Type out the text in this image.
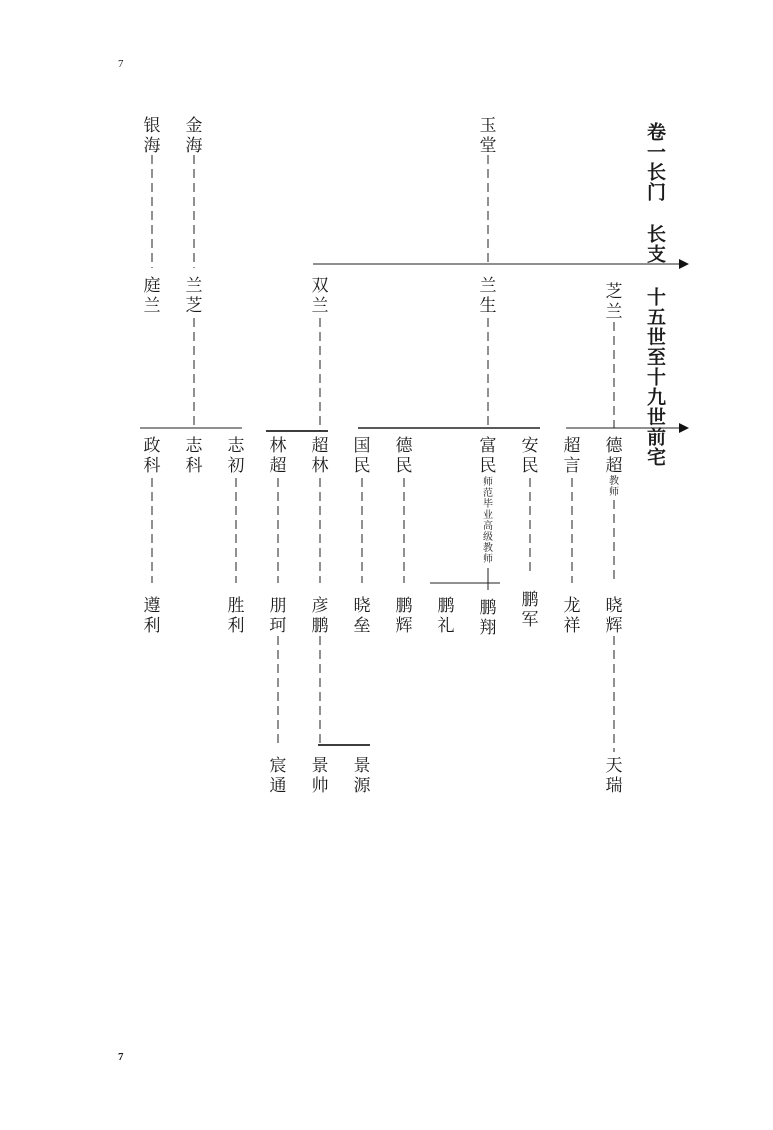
7
7
卷一长门
长支 十五世至十九世前宅
银
海
金
海
玉
堂
庭
兰
兰
芝
双
兰
兰
生
芝
兰
政
科
志
科
志
初
林
超
超
林
国
民
德
民
富
民
师
范
毕
业
高
级
教
师
安
民
超
言
德
超
教
师
遵
利
胜
利
朋
珂
彦
鹏
晓
垒
鹏
辉
鹏
礼
鹏
翔
鹏
军
龙
祥
晓
辉
宸
通
景
帅
景
源
天
瑞
